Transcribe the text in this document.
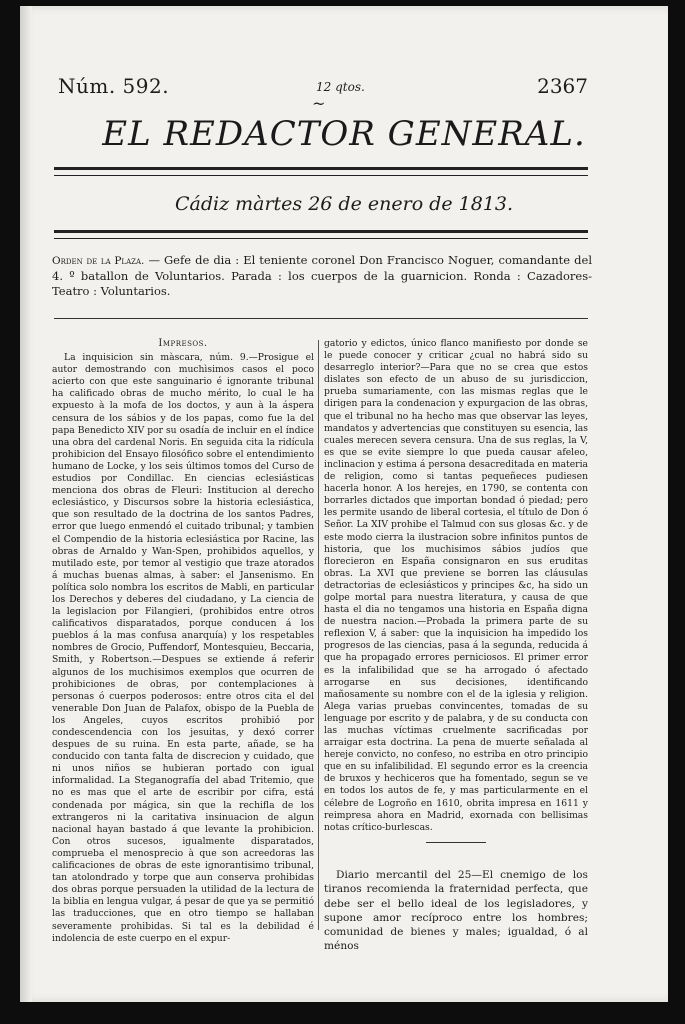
Núm. 592.	12 qtos.
~
2367
EL REDACTOR GENERAL.
Cádiz màrtes 26 de enero de 1813.
Orden de la Plaza. — Gefe de dia : El teniente coronel Don Francisco Noguer, comandante del 4. º batallon de Voluntarios. Parada : los cuerpos de la guarnicion. Ronda : Cazadores- Teatro : Voluntarios.
Impresos.

La inquisicion sin màscara, núm. 9.—Prosigue el autor demostrando con muchìsimos casos el poco acierto con que este sanguinario é ignorante tribunal ha calificado obras de mucho mérito, lo cual le ha expuesto à la mofa de los doctos, y aun à la áspera censura de los sábios y de los papas, como fue la del papa Benedicto XIV por su osadía de incluir en el índice una obra del cardenal Noris. En seguida cita la ridícula prohibicion del Ensayo filosófico sobre el entendimiento humano de Locke, y los seis últimos tomos del Curso de estudios por Condillac. En ciencias eclesiásticas menciona dos obras de Fleuri: Institucion al derecho eclesiástico, y Discursos sobre la historia eclesiástica, que son resultado de la doctrina de los santos Padres, error que luego enmendó el cuitado tribunal; y tambien el Compendio de la historia eclesiástica por Racine, las obras de Arnaldo y Wan-Spen, prohibidos aquellos, y mutilado este, por temor al vestigio que traze atorados á muchas buenas almas, à saber: el Jansenismo. En política solo nombra los escritos de Mabli, en particular los Derechos y deberes del ciudadano, y La ciencia de la legislacion por Filangieri, (prohibidos entre otros calificativos disparatados, porque conducen á los pueblos á la mas confusa anarquía) y los respetables nombres de Grocio, Puffendorf, Montesquieu, Beccaria, Smith, y Robertson.—Despues se extiende á referir algunos de los muchisimos exemplos que ocurren de prohibiciones de obras, por contemplaciones à personas ó cuerpos poderosos: entre otros cita el del venerable Don Juan de Palafox, obispo de la Puebla de los Angeles, cuyos escritos prohibió por condescendencia con los jesuitas, y dexó correr despues de su ruina. En esta parte, añade, se ha conducido con tanta falta de discrecion y cuidado, que ni unos niños se hubieran portado con igual informalidad. La Steganografía del abad Tritemio, que no es mas que el arte de escribir por cifra, está condenada por mágica, sin que la rechifla de los extrangeros ni la caritativa insinuacion de algun nacional hayan bastado á que levante la prohibicion. Con otros sucesos, igualmente disparatados, comprueba el menosprecio à que son acreedoras las calificaciones de obras de este ignorantisimo tribunal, tan atolondrado y torpe que aun conserva prohibidas dos obras porque persuaden la utilidad de la lectura de la biblia en lengua vulgar, á pesar de que ya se permitió las traducciones, que en otro tiempo se hallaban severamente prohibidas. Si tal es la debilidad é indolencia de este cuerpo en el expur-

gatorio y edictos, único flanco manifiesto por donde se le puede conocer y criticar ¿cual no habrá sido su desarreglo interior?—Para que no se crea que estos dislates son efecto de un abuso de su jurisdiccion, prueba sumariamente, con las mismas reglas que le dirigen para la condenacion y expurgacion de las obras, que el tribunal no ha hecho mas que observar las leyes, mandatos y advertencias que constituyen su esencia, las cuales merecen severa censura. Una de sus reglas, la V, es que se evite siempre lo que pueda causar afeleo, inclinacion y estima á persona desacreditada en materia de religion, como si tantas pequeñeces pudiesen hacerla honor. A los herejes, en 1790, se contenta con borrarles dictados que importan bondad ó piedad; pero les permite usando de liberal cortesia, el título de Don ó Señor. La XIV prohibe el Talmud con sus glosas &c. y de este modo cierra la ilustracion sobre infinitos puntos de historia, que los muchisimos sábios judíos que florecieron en España consignaron en sus eruditas obras. La XVI que previene se borren las cláusulas detractorias de eclesiásticos y principes &c, ha sido un golpe mortal para nuestra literatura, y causa de que hasta el dia no tengamos una historia en España digna de nuestra nacion.—Probada la primera parte de su reflexion V, á saber: que la inquisicion ha impedido los progresos de las ciencias, pasa á la segunda, reducida á que ha propagado errores perniciosos. El primer error es la infalibilidad que se ha arrogado ó afectado arrogarse en sus decisiones, identificando mañosamente su nombre con el de la iglesia y religion. Alega varias pruebas convincentes, tomadas de su lenguage por escrito y de palabra, y de su conducta con las muchas víctimas cruelmente sacrificadas por arraigar esta doctrina. La pena de muerte señalada al hereje convicto, no confeso, no estriba en otro principio que en su infalibilidad. El segundo error es la creencia de bruxos y hechiceros que ha fomentado, segun se ve en todos los autos de fe, y mas particularmente en el célebre de Logroño en 1610, obrita impresa en 1611 y reimpresa ahora en Madrid, exornada con bellisimas notas crítico-burlescas.

Diario mercantil del 25—El cnemigo de los tiranos recomienda la fraternidad perfecta, que debe ser el bello ideal de los legisladores, y supone amor recíproco entre los hombres; comunidad de bienes y males; igualdad, ó al ménos
